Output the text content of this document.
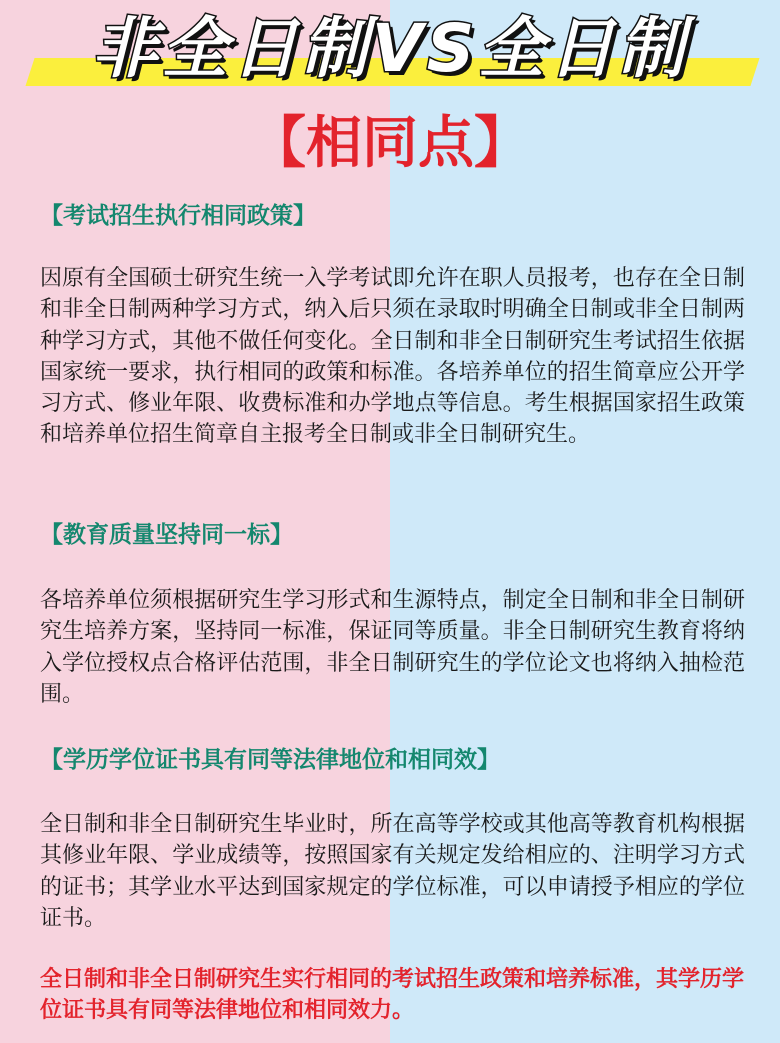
非全日制VS全日制
【相同点】
【考试招生执行相同政策】

因原有全国硕士研究生统一入学考试即允许在职人员报考，也存在全日制和非全日制两种学习方式，纳入后只须在录取时明确全日制或非全日制两种学习方式，其他不做任何变化。全日制和非全日制研究生考试招生依据国家统一要求，执行相同的政策和标准。各培养单位的招生简章应公开学习方式、修业年限、收费标准和办学地点等信息。考生根据国家招生政策和培养单位招生简章自主报考全日制或非全日制研究生。

【教育质量坚持同一标】

各培养单位须根据研究生学习形式和生源特点，制定全日制和非全日制研究生培养方案，坚持同一标准，保证同等质量。非全日制研究生教育将纳入学位授权点合格评估范围，非全日制研究生的学位论文也将纳入抽检范围。

【学历学位证书具有同等法律地位和相同效】

全日制和非全日制研究生毕业时，所在高等学校或其他高等教育机构根据其修业年限、学业成绩等，按照国家有关规定发给相应的、注明学习方式的证书；其学业水平达到国家规定的学位标准，可以申请授予相应的学位证书。

全日制和非全日制研究生实行相同的考试招生政策和培养标准，其学历学位证书具有同等法律地位和相同效力。
